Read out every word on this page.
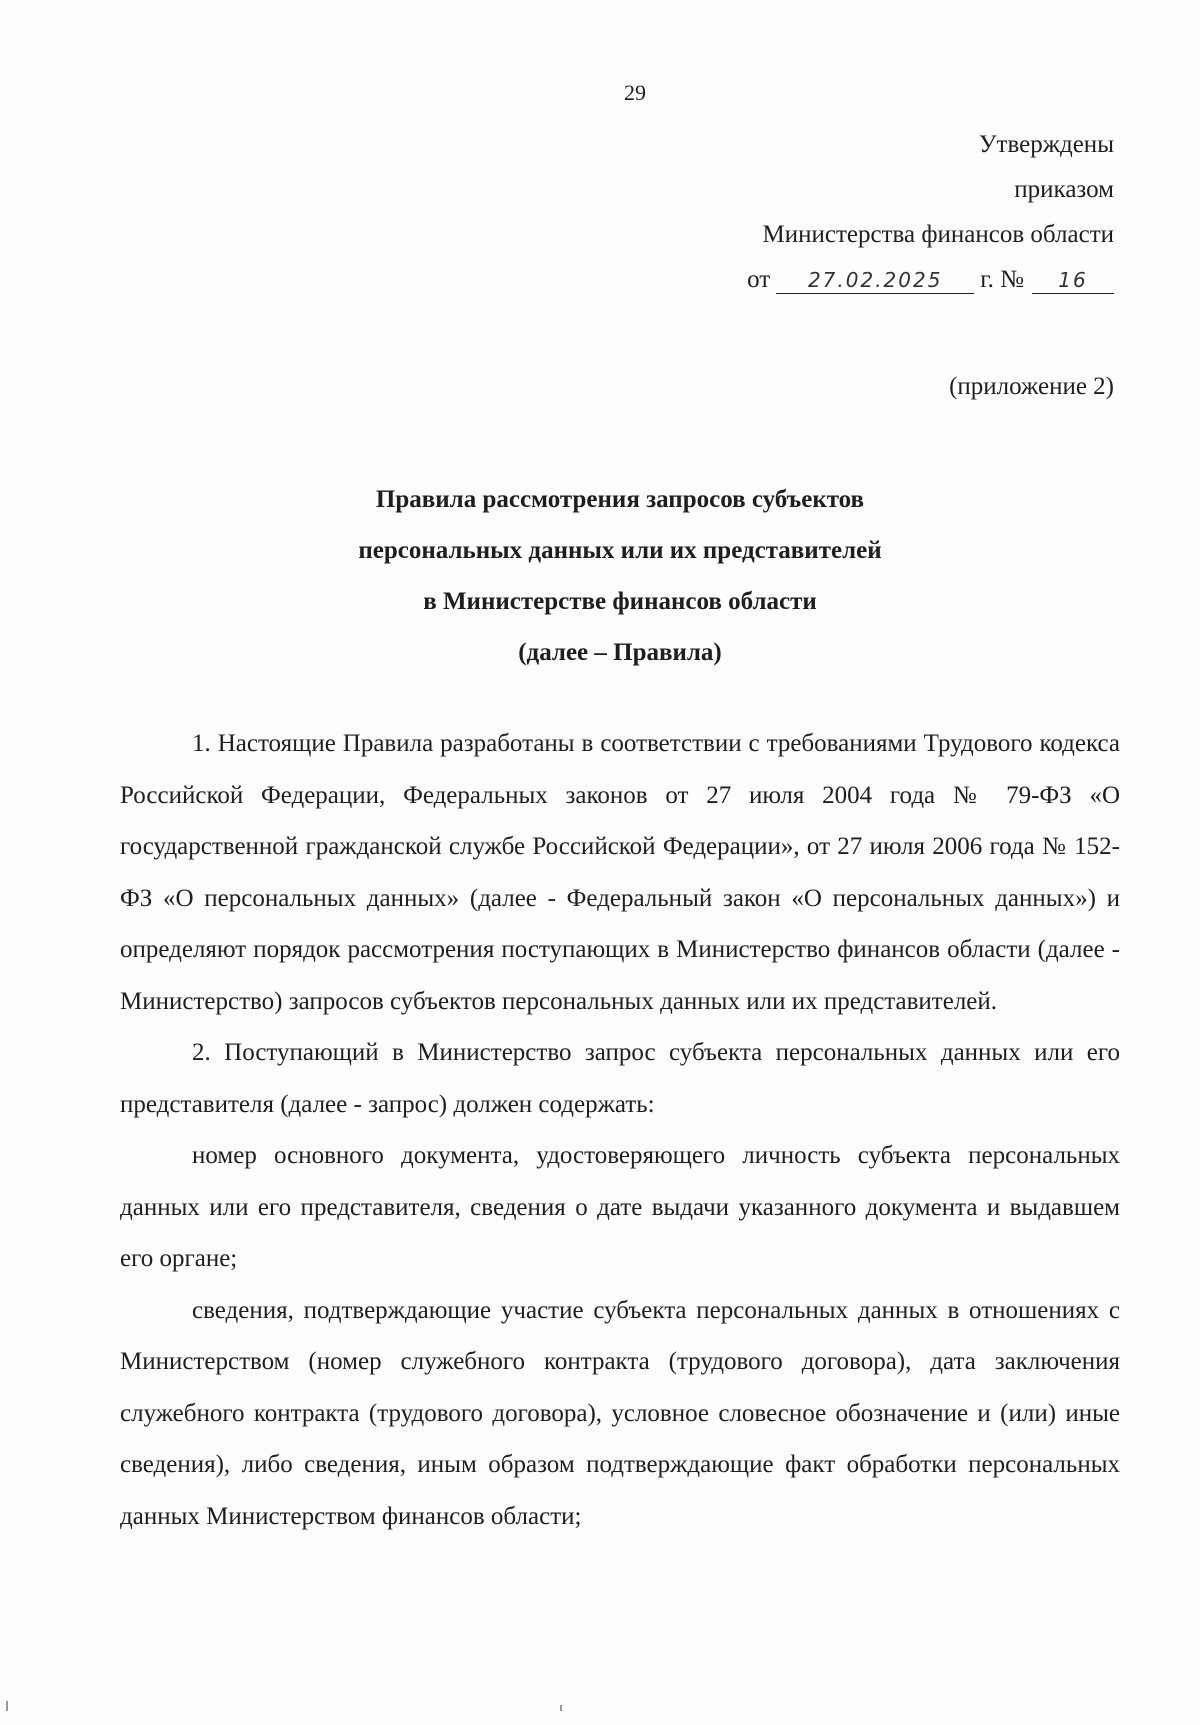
29
Утверждены
приказом
Министерства финансов области
от 27.02.2025 г. № 16
(приложение 2)
Правила рассмотрения запросов субъектов
персональных данных или их представителей
в Министерстве финансов области
(далее – Правила)

1. Настоящие Правила разработаны в соответствии с требованиями Трудового кодекса Российской Федерации, Федеральных законов от 27 июля 2004 года № 79-ФЗ «О государственной гражданской службе Российской Федерации», от 27 июля 2006 года № 152-ФЗ «О персональных данных» (далее - Федеральный закон «О персональных данных») и определяют порядок рассмотрения поступающих в Министерство финансов области (далее - Министерство) запросов субъектов персональных данных или их представителей.

2. Поступающий в Министерство запрос субъекта персональных данных или его представителя (далее - запрос) должен содержать:

номер основного документа, удостоверяющего личность субъекта персональных данных или его представителя, сведения о дате выдачи указанного документа и выдавшем его органе;

сведения, подтверждающие участие субъекта персональных данных в отношениях с Министерством (номер служебного контракта (трудового договора), дата заключения служебного контракта (трудового договора), условное словесное обозначение и (или) иные сведения), либо сведения, иным образом подтверждающие факт обработки персональных данных Министерством финансов области;
